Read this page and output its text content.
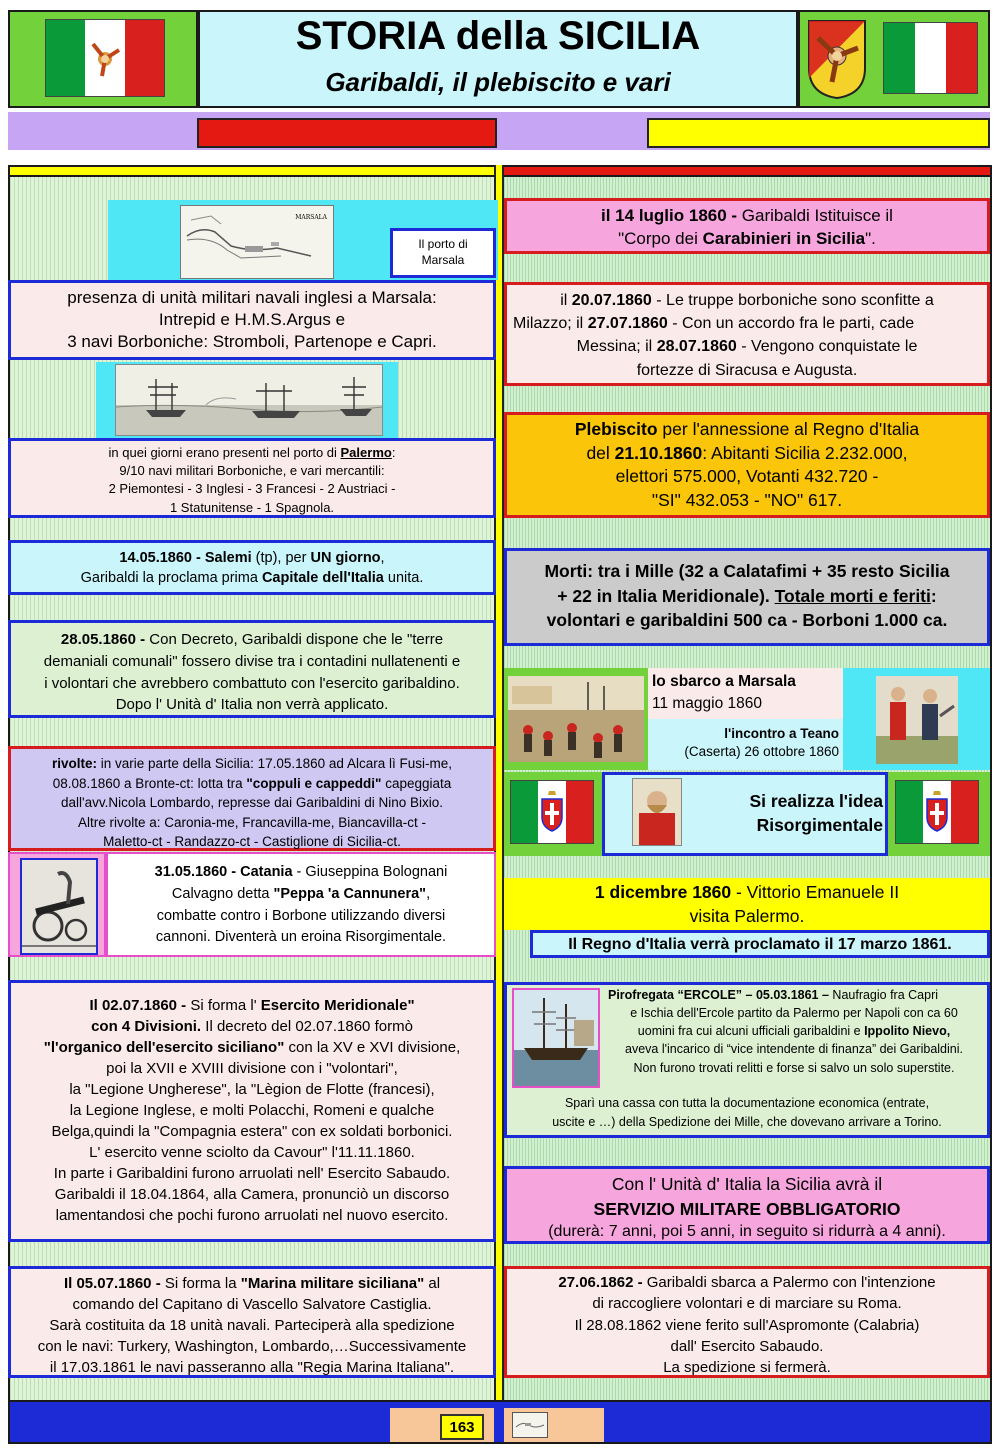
STORIA della SICILIA
Garibaldi, il plebiscito e vari
MARSALA
Il porto di Marsala
presenza di unità militari navali inglesi a Marsala:
Intrepid e H.M.S.Argus e
3 navi Borboniche: Stromboli, Partenope e Capri.
in quei giorni erano presenti nel porto di Palermo:
9/10 navi militari Borboniche, e vari mercantili:
2 Piemontesi - 3 Inglesi - 3 Francesi - 2 Austriaci -
1 Statunitense - 1 Spagnola.
14.05.1860 - Salemi (tp), per UN giorno,
Garibaldi la proclama prima Capitale dell'Italia unita.
28.05.1860 - Con Decreto, Garibaldi dispone che le "terre
demaniali comunali" fossero divise tra i contadini nullatenenti e
i volontari che avrebbero combattuto con l'esercito garibaldino.
Dopo l' Unità d' Italia non verrà applicato.
rivolte: in varie parte della Sicilia: 17.05.1860 ad Alcara lì Fusi-me,
08.08.1860 a Bronte-ct: lotta tra "coppuli e cappeddi" capeggiata
dall'avv.Nicola Lombardo, represse dai Garibaldini di Nino Bixio.
Altre rivolte a: Caronia-me, Francavilla-me, Biancavilla-ct -
Maletto-ct - Randazzo-ct - Castiglione di Sicilia-ct.
31.05.1860 - Catania - Giuseppina Bolognani
Calvagno detta "Peppa 'a Cannunera",
combatte contro i Borbone utilizzando diversi
cannoni. Diventerà un eroina Risorgimentale.
Il 02.07.1860 - Si forma l' Esercito Meridionale"
con 4 Divisioni. Il decreto del 02.07.1860 formò
"l'organico dell'esercito siciliano" con la XV e XVI divisione,
poi la XVII e XVIII divisione con i "volontari",
la "Legione Ungherese", la "Lègion de Flotte (francesi),
la Legione Inglese, e molti Polacchi, Romeni e qualche
Belga,quindi la "Compagnia estera" con ex soldati borbonici.
L' esercito venne sciolto da Cavour" l'11.11.1860.
In parte i Garibaldini furono arruolati nell' Esercito Sabaudo.
Garibaldi il 18.04.1864, alla Camera, pronunciò un discorso
lamentandosi che pochi furono arruolati nel nuovo esercito.
Il 05.07.1860 - Si forma la "Marina militare siciliana" al
comando del Capitano di Vascello Salvatore Castiglia.
Sarà costituita da 18 unità navali. Parteciperà alla spedizione
con le navi: Turkery, Washington, Lombardo,…Successivamente
il 17.03.1861 le navi passeranno alla "Regia Marina Italiana".
il 14 luglio 1860 - Garibaldi Istituisce il
"Corpo dei Carabinieri in Sicilia".
il 20.07.1860 - Le truppe borboniche sono sconfitte a
Milazzo; il 27.07.1860 - Con un accordo fra le parti, cade
Messina; il 28.07.1860 - Vengono conquistate le
fortezze di Siracusa e Augusta.
Plebiscito per l'annessione al Regno d'Italia
del 21.10.1860: Abitanti Sicilia 2.232.000,
elettori 575.000, Votanti 432.720 -
"SI" 432.053 - "NO" 617.
Morti: tra i Mille (32 a Calatafimi + 35 resto Sicilia
+ 22 in Italia Meridionale). Totale morti e feriti:
volontari e garibaldini 500 ca - Borboni 1.000 ca.
lo sbarco a Marsala
11 maggio 1860
l'incontro a Teano
(Caserta) 26 ottobre 1860
Si realizza l'idea
Risorgimentale
1 dicembre 1860 - Vittorio Emanuele II
visita Palermo.
Il Regno d'Italia verrà proclamato il 17 marzo 1861.
Pirofregata “ERCOLE” – 05.03.1861 – Naufragio fra Capri
e Ischia dell'Ercole partito da Palermo per Napoli con ca 60
uomini fra cui alcuni ufficiali garibaldini e Ippolito Nievo,
aveva l'incarico di “vice intendente di finanza” dei Garibaldini.
Non furono trovati relitti e forse si salvo un solo superstite.
Sparì una cassa con tutta la documentazione economica (entrate,
uscite e …) della Spedizione dei Mille, che dovevano arrivare a Torino.
Con l' Unità d' Italia la Sicilia avrà il
SERVIZIO MILITARE OBBLIGATORIO
(durerà: 7 anni, poi 5 anni, in seguito si ridurrà a 4 anni).
27.06.1862 - Garibaldi sbarca a Palermo con l'intenzione
di raccogliere volontari e di marciare su Roma.
Il 28.08.1862 viene ferito sull'Aspromonte (Calabria)
dall' Esercito Sabaudo.
La spedizione si fermerà.
163
